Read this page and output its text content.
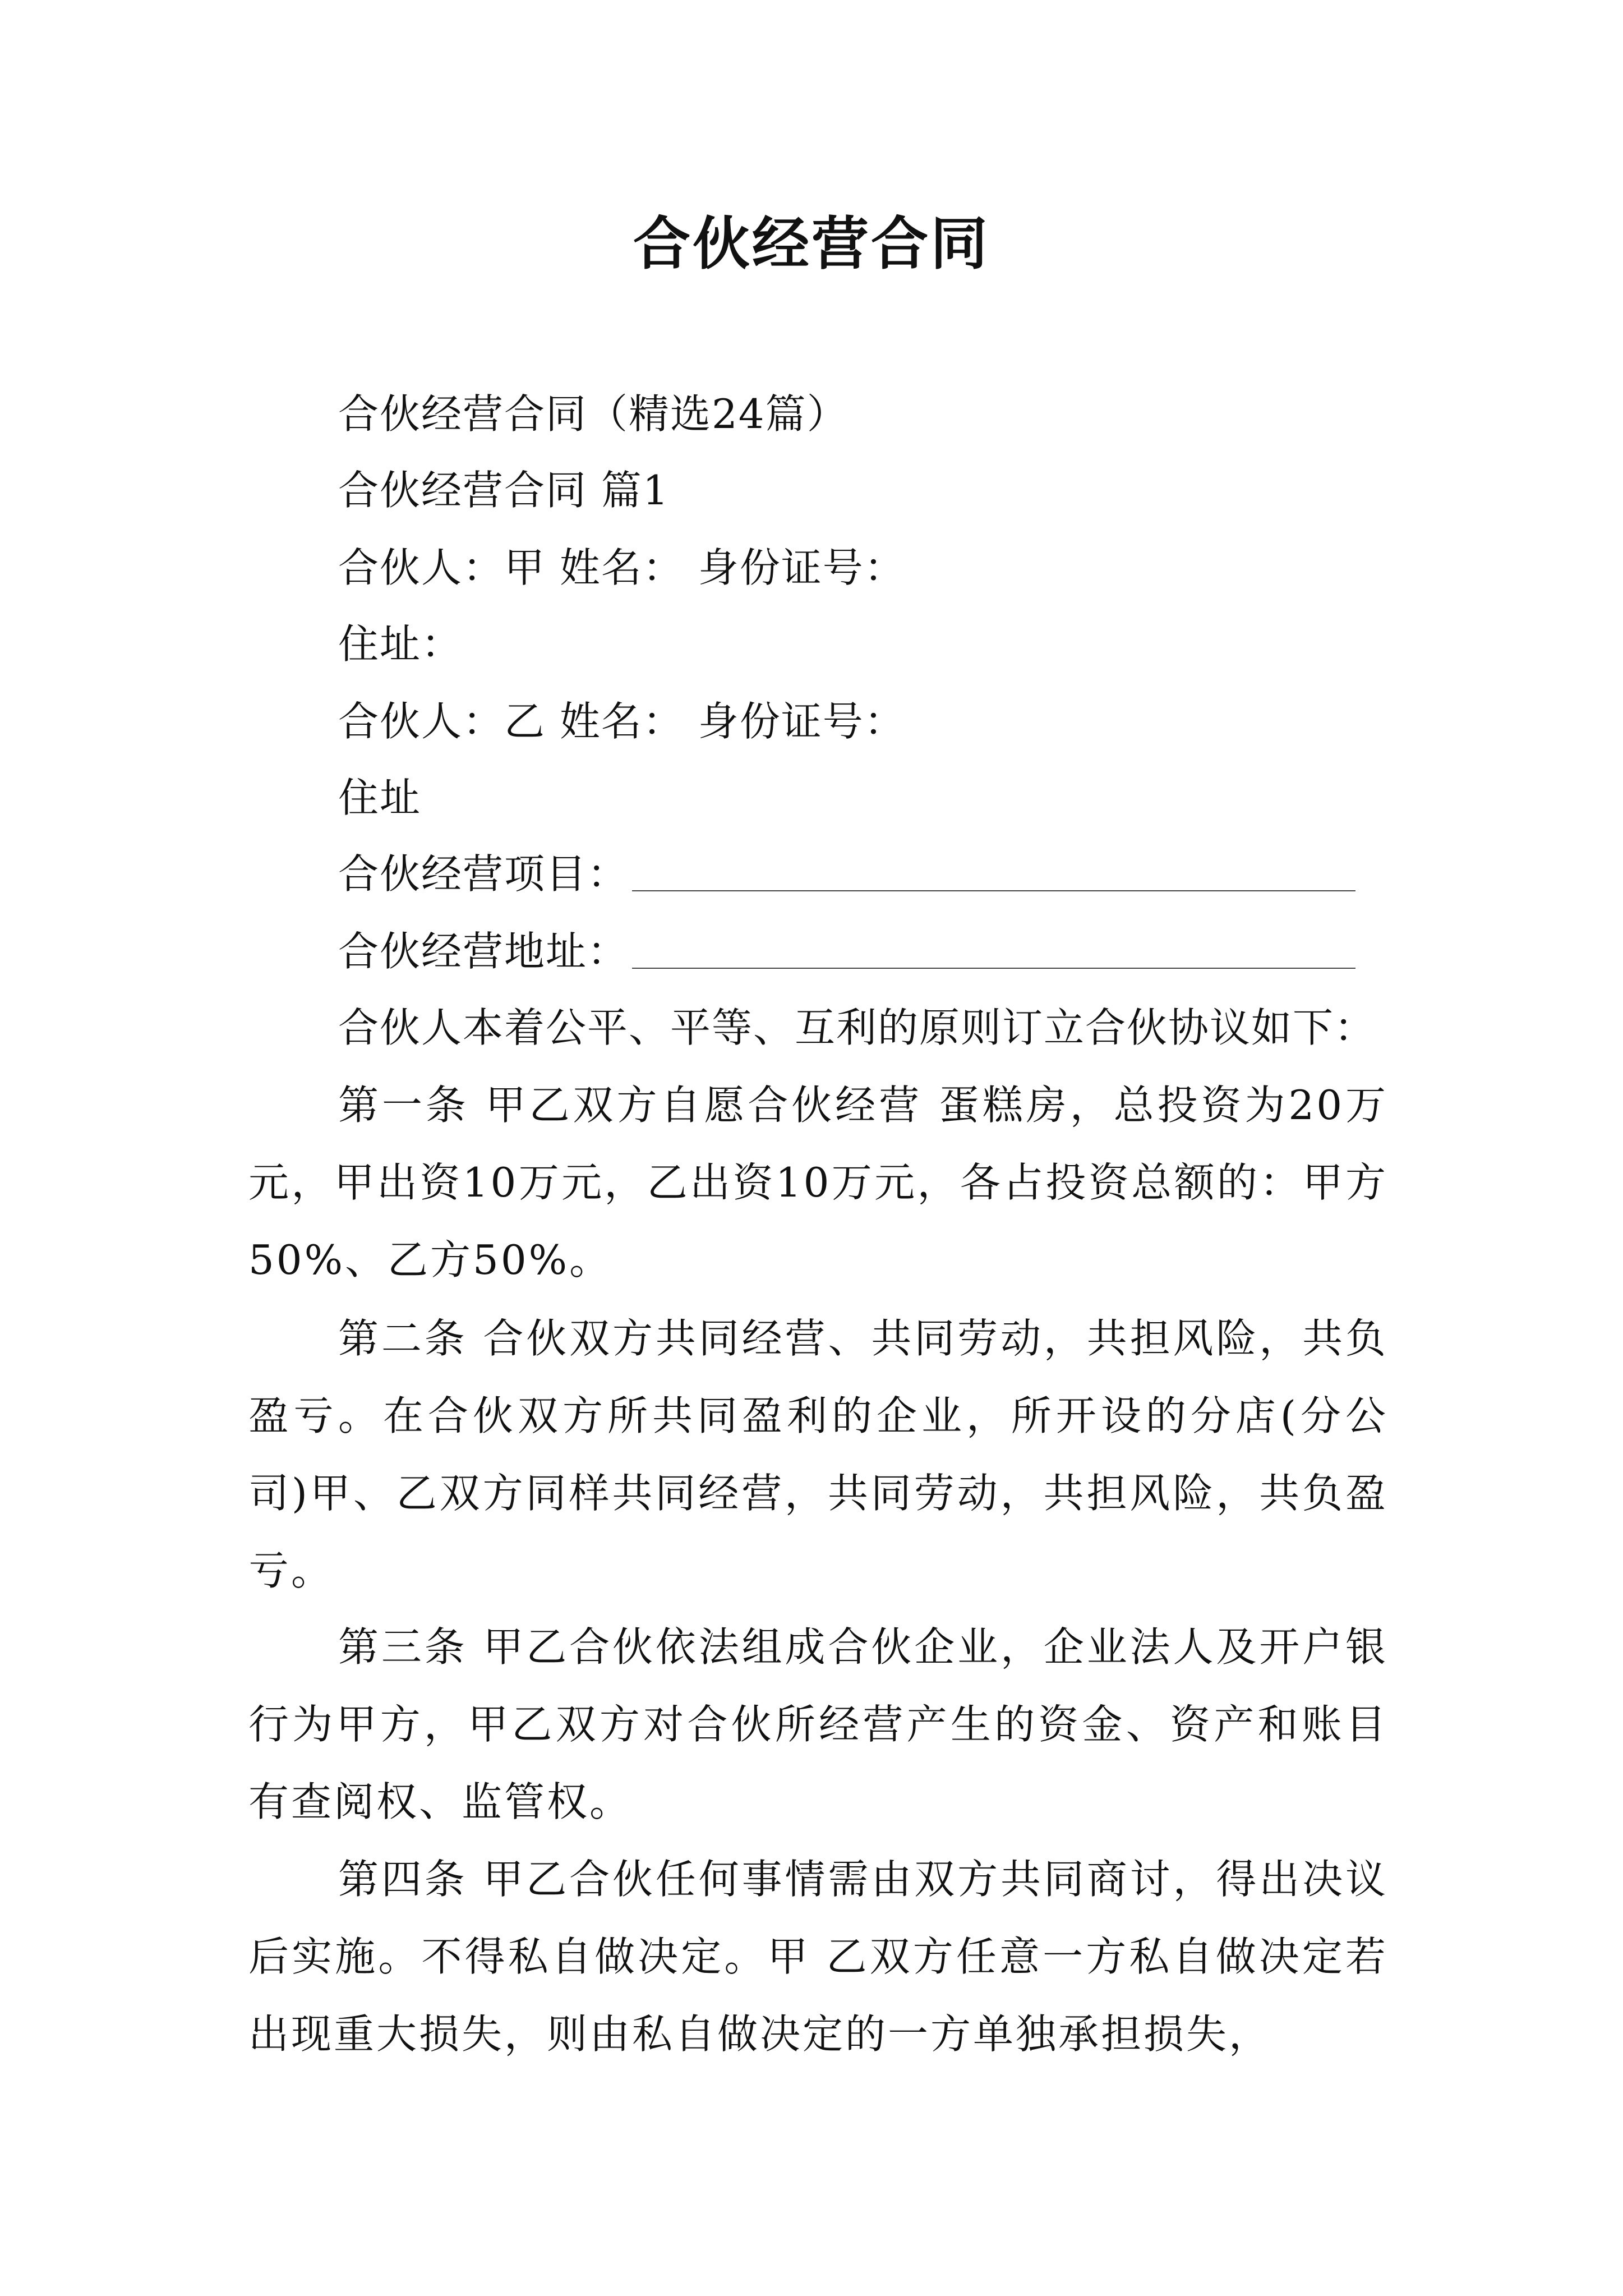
合伙经营合同
合伙经营合同（精选24篇）
合伙经营合同 篇1
合伙人：甲 姓名： 身份证号：
住址：
合伙人：乙 姓名： 身份证号：
住址
合伙经营项目：
合伙经营地址：
合伙人本着公平、平等、互利的原则订立合伙协议如下：
第一条 甲乙双方自愿合伙经营 蛋糕房，总投资为20万元，甲出资10万元，乙出资10万元，各占投资总额的：甲方50%、乙方50%。
第二条 合伙双方共同经营、共同劳动，共担风险，共负盈亏。在合伙双方所共同盈利的企业，所开设的分店(分公司)甲、乙双方同样共同经营，共同劳动，共担风险，共负盈亏。
第三条 甲乙合伙依法组成合伙企业，企业法人及开户银行为甲方，甲乙双方对合伙所经营产生的资金、资产和账目有查阅权、监管权。
第四条 甲乙合伙任何事情需由双方共同商讨，得出决议后实施。不得私自做决定。甲 乙双方任意一方私自做决定若出现重大损失，则由私自做决定的一方单独承担损失，
